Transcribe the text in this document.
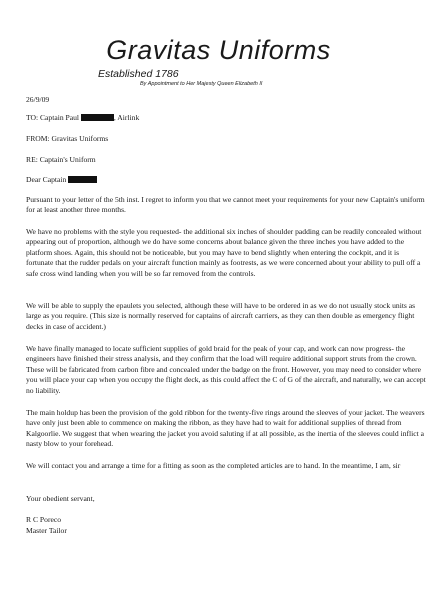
Gravitas Uniforms
Established 1786
By Appointment to Her Majesty Queen Elizabeth II
26/9/09
TO: Captain Paul	, Airlink
FROM: Gravitas Uniforms
RE: Captain's Uniform
Dear Captain

Pursuant to your letter of the 5th inst. I regret to inform you that we cannot meet your requirements for your new Captain's uniform for at least another three months.

We have no problems with the style you requested- the additional six inches of shoulder padding can be readily concealed without appearing out of proportion, although we do have some concerns about balance given the three inches you have added to the platform shoes. Again, this should not be noticeable, but you may have to bend slightly when entering the cockpit, and it is fortunate that the rudder pedals on your aircraft function mainly as footrests, as we were concerned about your ability to pull off a safe cross wind landing when you will be so far removed from the controls.

We will be able to supply the epaulets you selected, although these will have to be ordered in as we do not usually stock units as large as you require. (This size is normally reserved for captains of aircraft carriers, as they can then double as emergency flight decks in case of accident.)

We have finally managed to locate sufficient supplies of gold braid for the peak of your cap, and work can now progress- the engineers have finished their stress analysis, and they confirm that the load will require additional support struts from the crown. These will be fabricated from carbon fibre and concealed under the badge on the front. However, you may need to consider where you will place your cap when you occupy the flight deck, as this could affect the C of G of the aircraft, and naturally, we can accept no liability.

The main holdup has been the provision of the gold ribbon for the twenty-five rings around the sleeves of your jacket. The weavers have only just been able to commence on making the ribbon, as they have had to wait for additional supplies of thread from Kalgoorlie. We suggest that when wearing the jacket you avoid saluting if at all possible, as the inertia of the sleeves could inflict a nasty blow to your forehead.

We will contact you and arrange a time for a fitting as soon as the completed articles are to hand. In the meantime, I am, sir

Your obedient servant,
R C Poreco
Master Tailor
